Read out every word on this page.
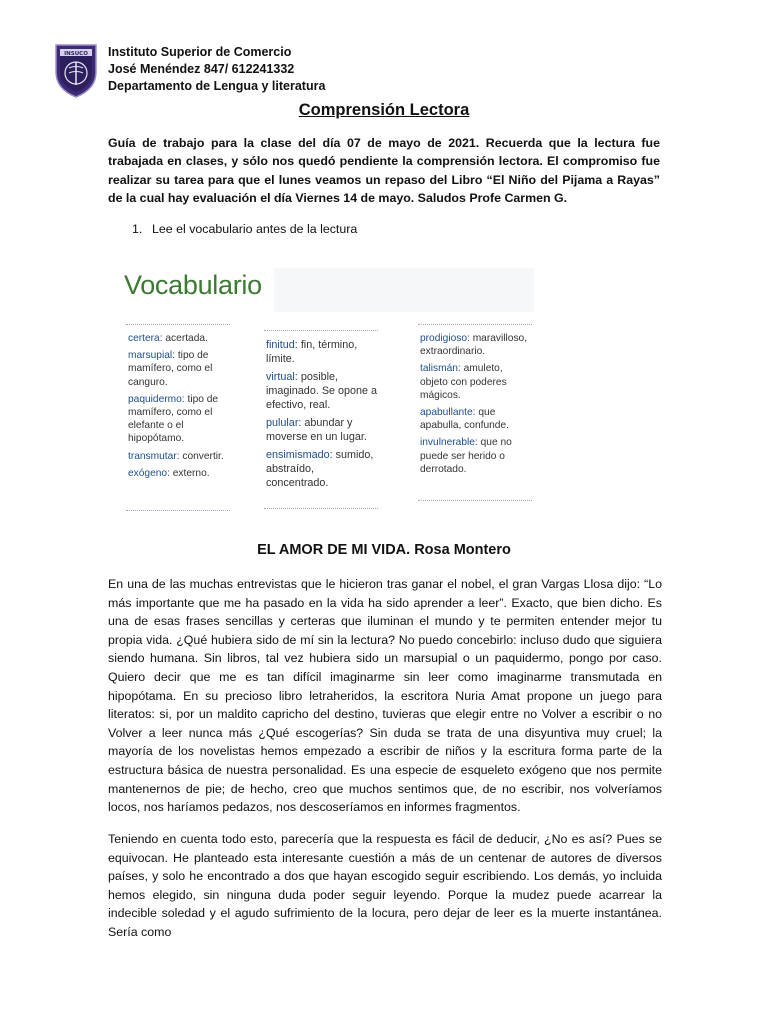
INSUCO Instituto Superior de Comercio
José Menéndez 847/ 612241332
Departamento de Lengua y literatura
Comprensión Lectora
Guía de trabajo para la clase del día 07 de mayo de 2021. Recuerda que la lectura fue trabajada en clases, y sólo nos quedó pendiente la comprensión lectora. El compromiso fue realizar su tarea para que el lunes veamos un repaso del Libro “El Niño del Pijama a Rayas” de la cual hay evaluación el día Viernes 14 de mayo. Saludos Profe Carmen G.
1. Lee el vocabulario antes de la lectura
Vocabulario
certera: acertada.
marsupial: tipo de mamífero, como el canguro.
paquidermo: tipo de mamífero, como el elefante o el hipopótamo.
transmutar: convertir.
exógeno: externo.
finitud: fin, término, límite.
virtual: posible, imaginado. Se opone a efectivo, real.
pulular: abundar y moverse en un lugar.
ensimismado: sumido, abstraído, concentrado.
prodigioso: maravilloso, extraordinario.
talismán: amuleto, objeto con poderes mágicos.
apabullante: que apabulla, confunde.
invulnerable: que no puede ser herido o derrotado.
EL AMOR DE MI VIDA. Rosa Montero
En una de las muchas entrevistas que le hicieron tras ganar el nobel, el gran Vargas Llosa dijo: “Lo más importante que me ha pasado en la vida ha sido aprender a leer”. Exacto, que bien dicho. Es una de esas frases sencillas y certeras que iluminan el mundo y te permiten entender mejor tu propia vida. ¿Qué hubiera sido de mí sin la lectura? No puedo concebirlo: incluso dudo que siguiera siendo humana. Sin libros, tal vez hubiera sido un marsupial o un paquidermo, pongo por caso. Quiero decir que me es tan difícil imaginarme sin leer como imaginarme transmutada en hipopótama. En su precioso libro letraheridos, la escritora Nuria Amat propone un juego para literatos: si, por un maldito capricho del destino, tuvieras que elegir entre no Volver a escribir o no Volver a leer nunca más ¿Qué escogerías? Sin duda se trata de una disyuntiva muy cruel; la mayoría de los novelistas hemos empezado a escribir de niños y la escritura forma parte de la estructura básica de nuestra personalidad. Es una especie de esqueleto exógeno que nos permite mantenernos de pie; de hecho, creo que muchos sentimos que, de no escribir, nos volveríamos locos, nos haríamos pedazos, nos descoseríamos en informes fragmentos.
Teniendo en cuenta todo esto, parecería que la respuesta es fácil de deducir, ¿No es así? Pues se equivocan. He planteado esta interesante cuestión a más de un centenar de autores de diversos países, y solo he encontrado a dos que hayan escogido seguir escribiendo. Los demás, yo incluida hemos elegido, sin ninguna duda poder seguir leyendo. Porque la mudez puede acarrear la indecible soledad y el agudo sufrimiento de la locura, pero dejar de leer es la muerte instantánea. Sería como
